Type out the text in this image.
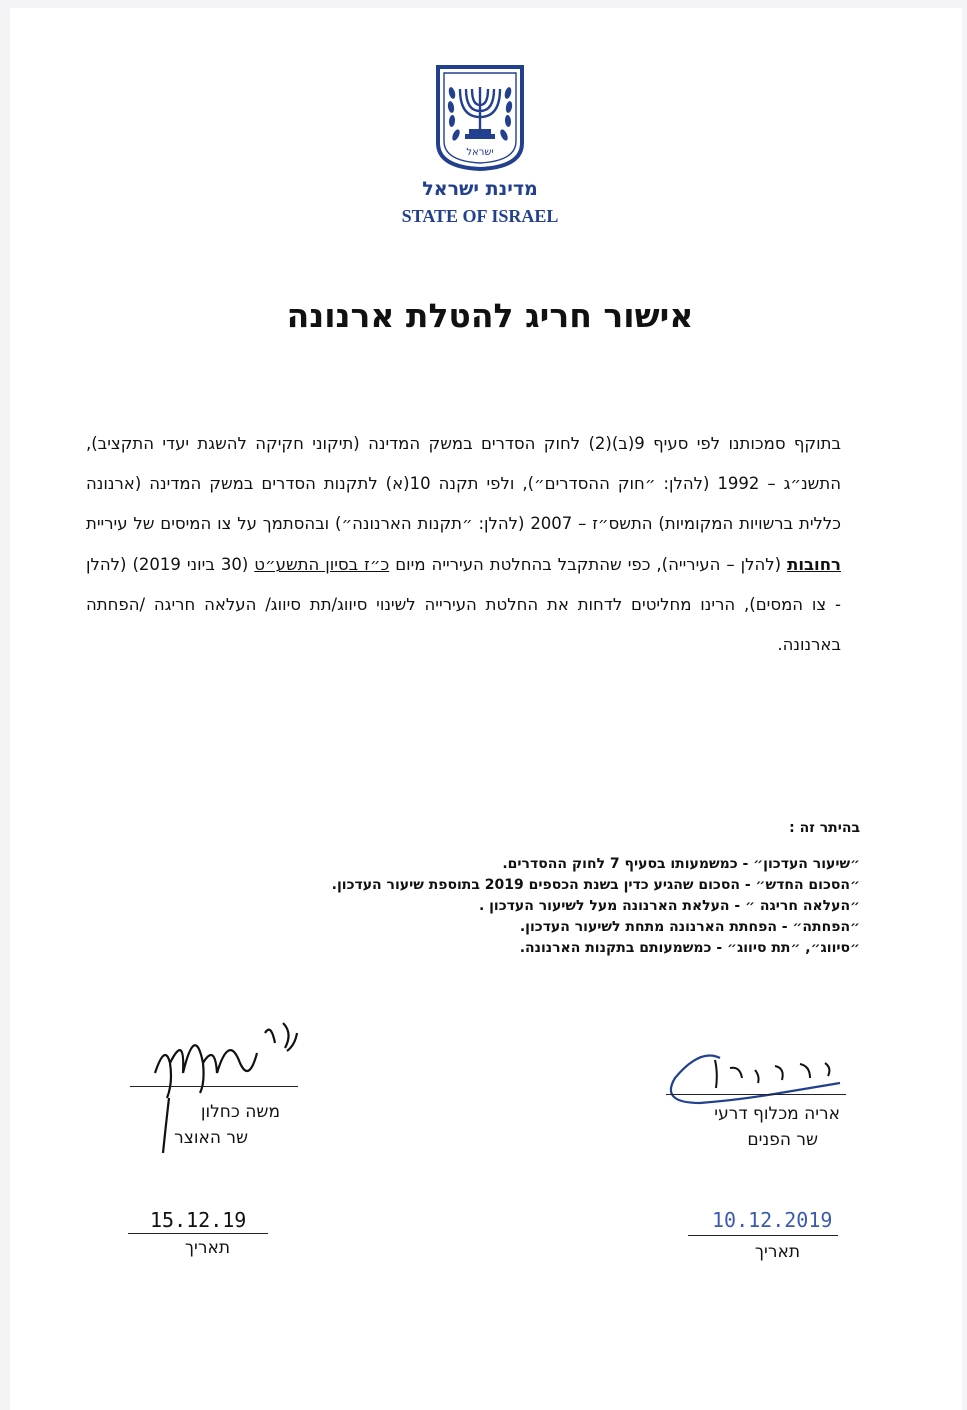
ישראל
מדינת ישראל
STATE OF ISRAEL
אישור חריג להטלת ארנונה

בתוקף סמכותנו לפי סעיף 9(ב)(2) לחוק הסדרים במשק המדינה (תיקוני חקיקה להשגת יעדי התקציב), התשנ״ג – 1992 (להלן: ״חוק ההסדרים״), ולפי תקנה 10(א) לתקנות הסדרים במשק המדינה (ארנונה כללית ברשויות המקומיות) התשס״ז – 2007 (להלן: ״תקנות הארנונה״) ובהסתמך על צו המיסים של עיריית רחובות (להלן – העירייה), כפי שהתקבל בהחלטת העירייה מיום כ״ז בסיון התשע״ט (30 ביוני 2019) (להלן - צו המסים), הרינו מחליטים לדחות את החלטת העירייה לשינוי סיווג/תת סיווג/ העלאה חריגה /הפחתה בארנונה.

בהיתר זה :
״שיעור העדכון״ - כמשמעותו בסעיף 7 לחוק ההסדרים.
״הסכום החדש״ - הסכום שהגיע כדין בשנת הכספים 2019 בתוספת שיעור העדכון.
״העלאה חריגה ״ - העלאת הארנונה מעל לשיעור העדכון .
״הפחתה״ - הפחתת הארנונה מתחת לשיעור העדכון.
״סיווג״, ״תת סיווג״ - כמשמעותם בתקנות הארנונה.
משה כחלון
שר האוצר
15.12.19
תאריך
אריה מכלוף דרעי
שר הפנים
10.12.2019
תאריך
